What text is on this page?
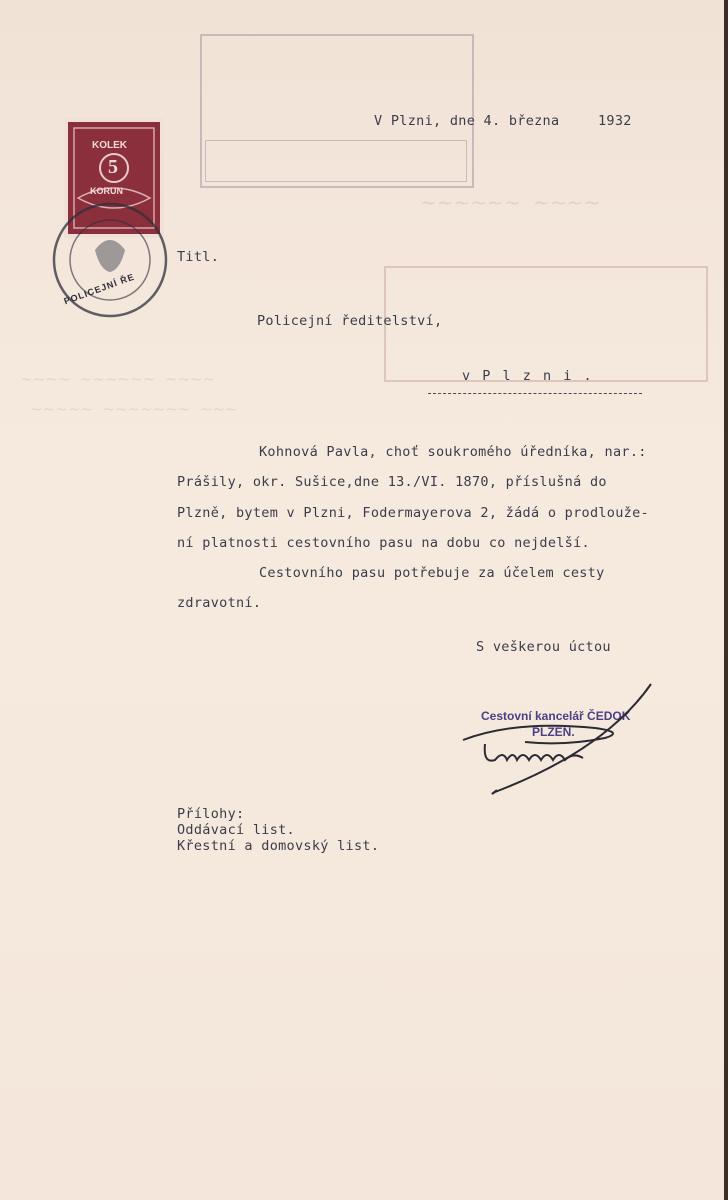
~~~~~~  ~~~~
~~~~  ~~~~~~  ~~~~
~~~~~  ~~~~~~~  ~~~
KOLEK
5
KORUN
POLICEJNÍ ŘE
V Plzni, dne 4. března	1932
Titl.
Policejní ředitelství,
v P l z n i .
Kohnová Pavla, choť soukromého úředníka, nar.:
Prášily, okr. Sušice,dne 13./VI. 1870, příslušná do
Plzně, bytem v Plzni, Fodermayerova 2, žádá o prodlouže-
ní platnosti cestovního pasu na dobu co nejdelší.
Cestovního pasu potřebuje za účelem cesty
zdravotní.
S veškerou úctou
Cestovní kancelář ČEDOK
PLZEŇ.
Přílohy:
Oddávací list.
Křestní a domovský list.
